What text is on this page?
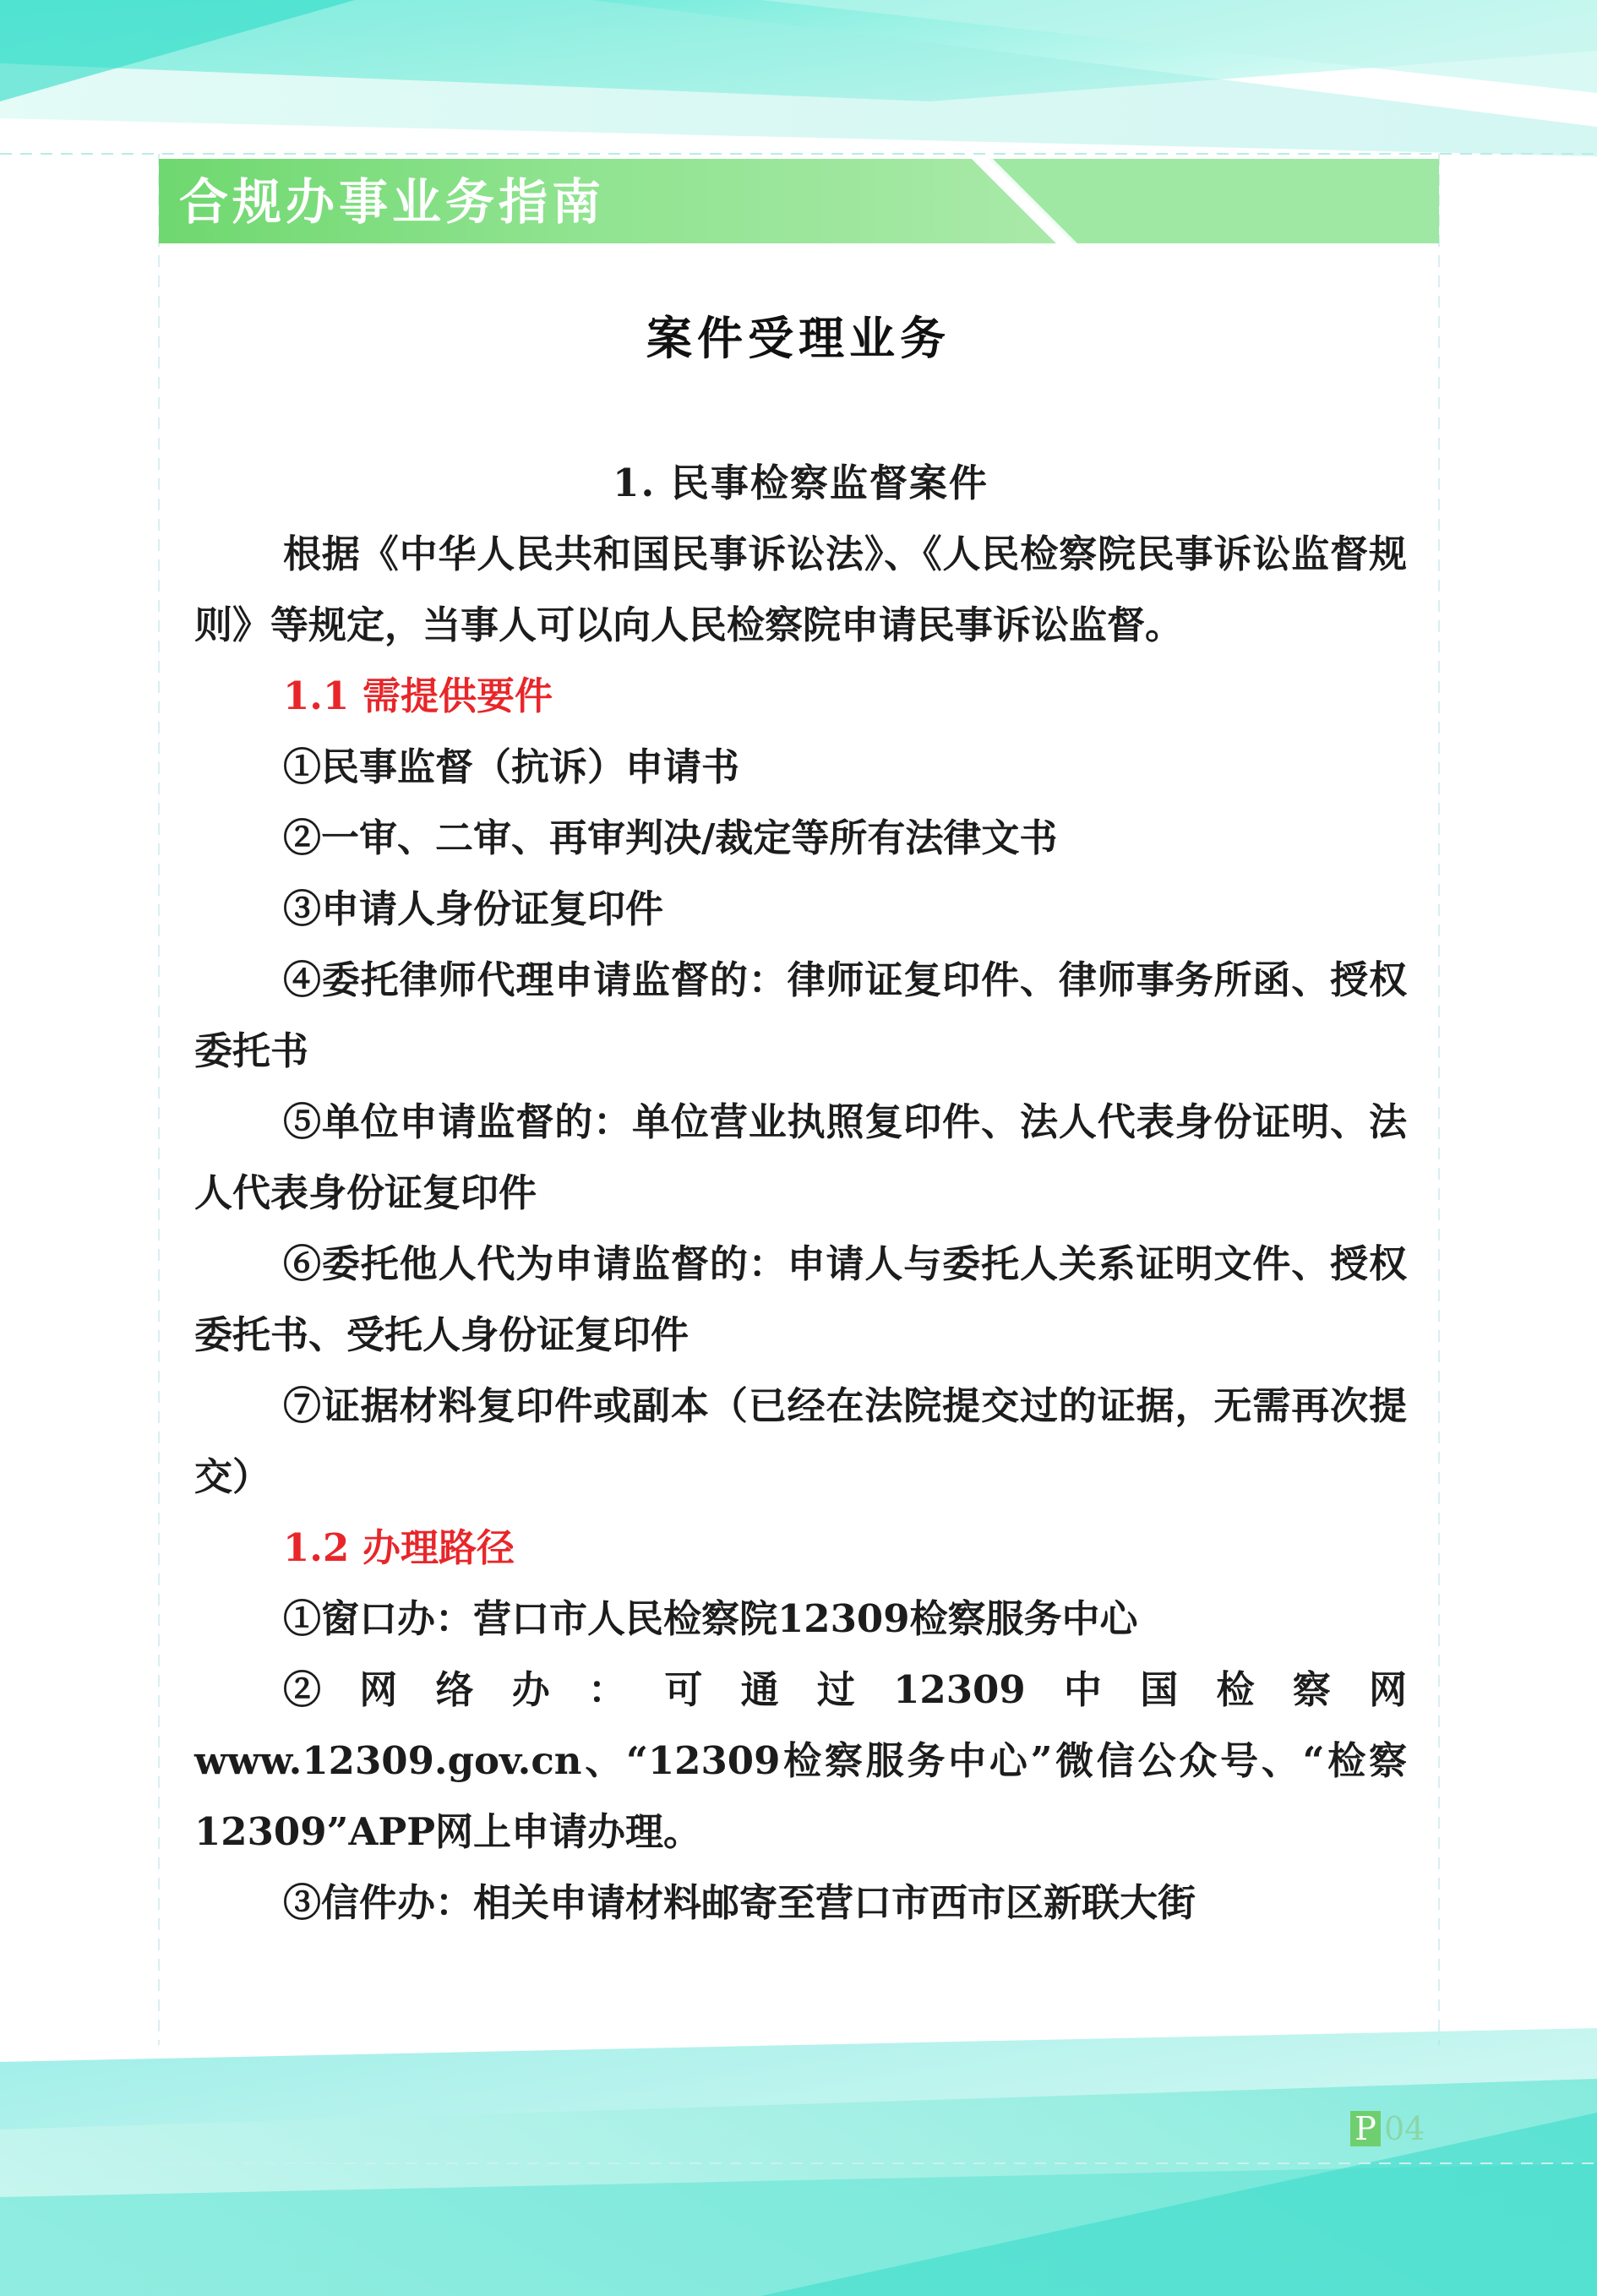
合规办事业务指南
案件受理业务

1. 民事检察监督案件

根据《中华人民共和国民事诉讼法》、《人民检察院民事诉讼监督规则》等规定，当事人可以向人民检察院申请民事诉讼监督。

1.1 需提供要件

①民事监督（抗诉）申请书

②一审、二审、再审判决/裁定等所有法律文书

③申请人身份证复印件

④委托律师代理申请监督的：律师证复印件、律师事务所函、授权委托书

⑤单位申请监督的：单位营业执照复印件、法人代表身份证明、法人代表身份证复印件

⑥委托他人代为申请监督的：申请人与委托人关系证明文件、授权委托书、受托人身份证复印件

⑦证据材料复印件或副本（已经在法院提交过的证据，无需再次提交）

1.2 办理路径

①窗口办：营口市人民检察院12309检察服务中心

②网络办：可通过12309中国检察网www.12309.gov.cn、“12309检察服务中心”微信公众号、“检察12309”APP网上申请办理。

③信件办：相关申请材料邮寄至营口市西市区新联大街

P 04
